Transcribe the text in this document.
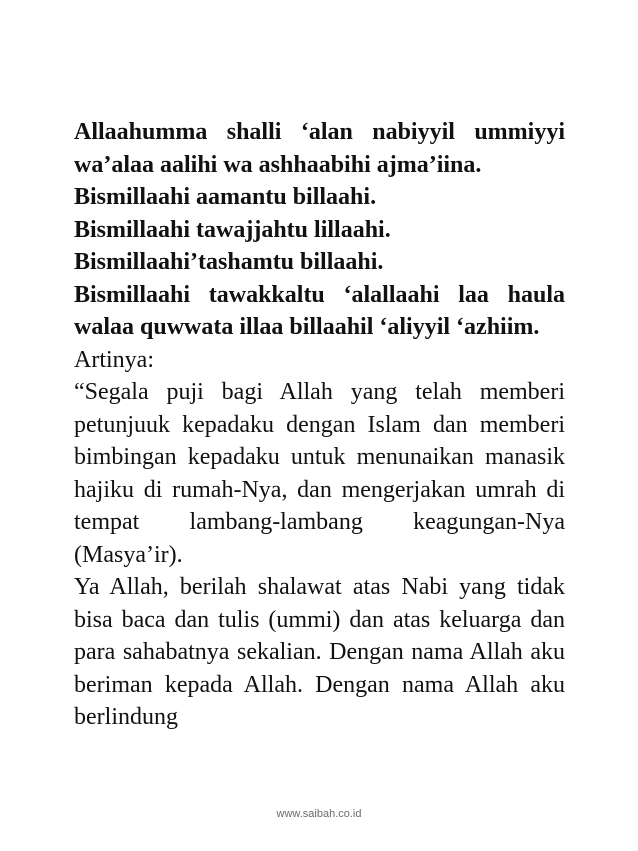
Allaahumma shalli ‘alan nabiyyil ummiyyi wa’alaa aalihi wa ashhaabihi ajma’iina.

Bismillaahi aamantu billaahi.

Bismillaahi tawajjahtu lillaahi.

Bismillaahi’tashamtu billaahi.

Bismillaahi tawakkaltu ‘alallaahi laa haula walaa quwwata illaa billaahil ‘aliyyil ‘azhiim.

Artinya:

“Segala puji bagi Allah yang telah memberi petunjuuk kepadaku dengan Islam dan memberi bimbingan kepadaku untuk menunaikan manasik hajiku di rumah-Nya, dan mengerjakan umrah di tempat lambang-lambang keagungan-Nya (Masya’ir).

Ya Allah, berilah shalawat atas Nabi yang tidak bisa baca dan tulis (ummi) dan atas keluarga dan para sahabatnya sekalian. Dengan nama Allah aku beriman kepada Allah. Dengan nama Allah aku berlindung

www.saibah.co.id
